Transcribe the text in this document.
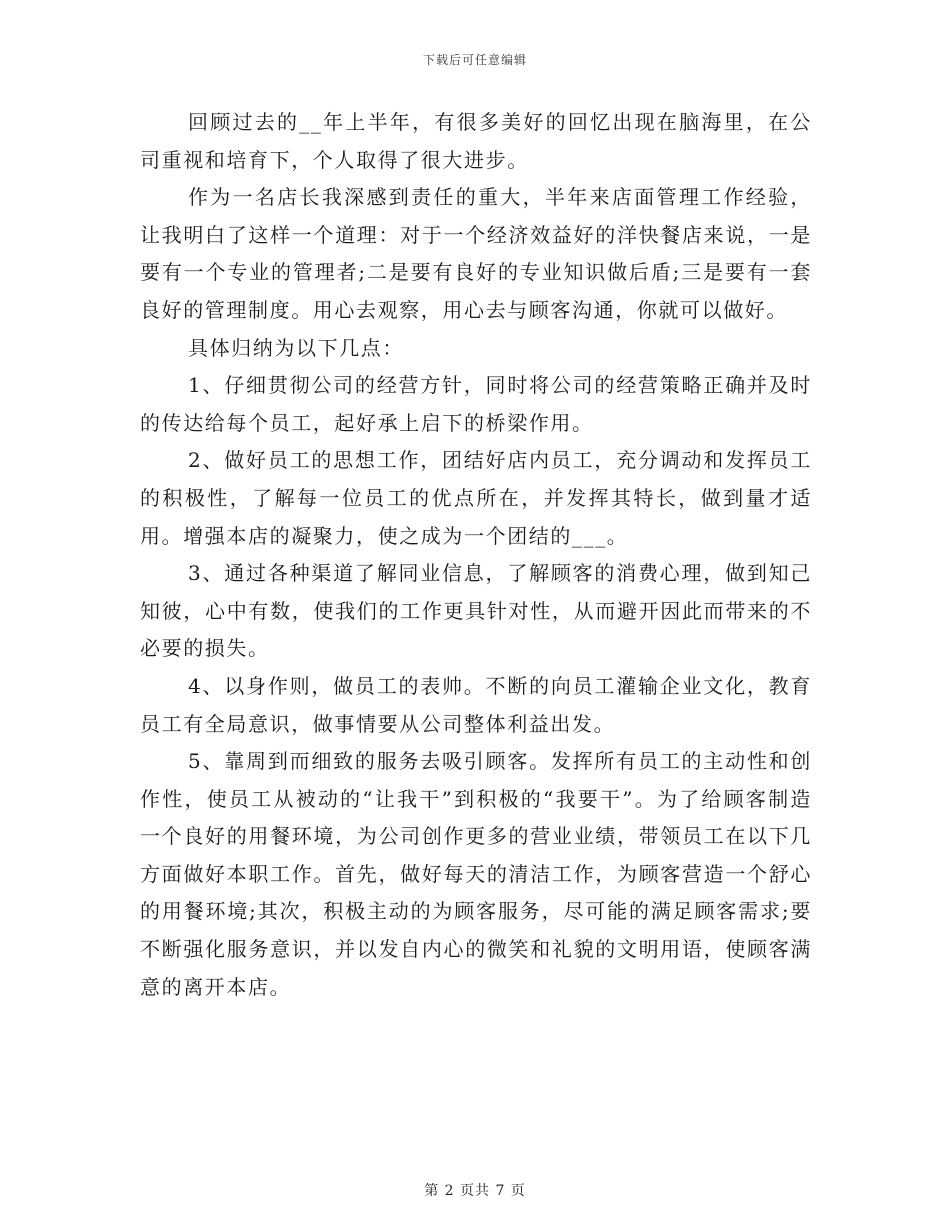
下载后可任意编辑

回顾过去的__年上半年，有很多美好的回忆出现在脑海里，在公司重视和培育下，个人取得了很大进步。

作为一名店长我深感到责任的重大，半年来店面管理工作经验，让我明白了这样一个道理：对于一个经济效益好的洋快餐店来说，一是要有一个专业的管理者;二是要有良好的专业知识做后盾;三是要有一套良好的管理制度。用心去观察，用心去与顾客沟通，你就可以做好。

具体归纳为以下几点：

1、仔细贯彻公司的经营方针，同时将公司的经营策略正确并及时的传达给每个员工，起好承上启下的桥梁作用。

2、做好员工的思想工作，团结好店内员工，充分调动和发挥员工的积极性，了解每一位员工的优点所在，并发挥其特长，做到量才适用。增强本店的凝聚力，使之成为一个团结的___。

3、通过各种渠道了解同业信息，了解顾客的消费心理，做到知己知彼，心中有数，使我们的工作更具针对性，从而避开因此而带来的不必要的损失。

4、以身作则，做员工的表帅。不断的向员工灌输企业文化，教育员工有全局意识，做事情要从公司整体利益出发。

5、靠周到而细致的服务去吸引顾客。发挥所有员工的主动性和创作性，使员工从被动的“让我干”到积极的“我要干”。为了给顾客制造一个良好的用餐环境，为公司创作更多的营业业绩，带领员工在以下几方面做好本职工作。首先，做好每天的清洁工作，为顾客营造一个舒心的用餐环境;其次，积极主动的为顾客服务，尽可能的满足顾客需求;要不断强化服务意识，并以发自内心的微笑和礼貌的文明用语，使顾客满意的离开本店。

第 2 页共 7 页
